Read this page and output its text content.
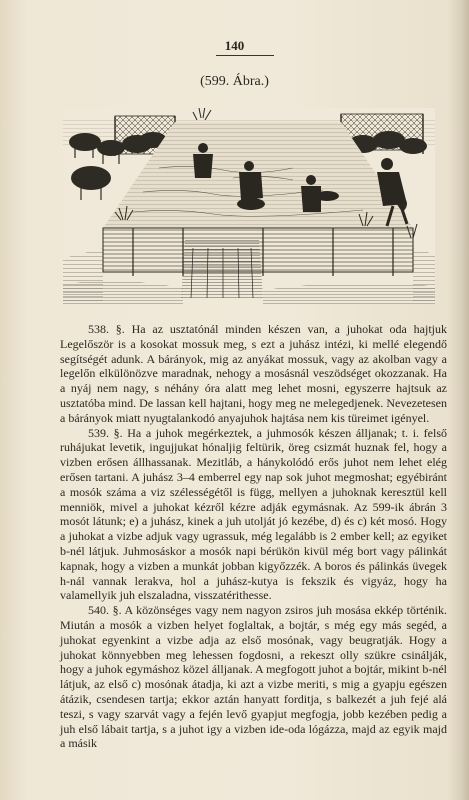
140
(599. Ábra.)

538. §. Ha az usztatónál minden készen van, a juhokat oda hajtjuk Legelőször is a kosokat mossuk meg, s ezt a juhász intézi, ki mellé elegendő segítségét adunk. A bárányok, mig az anyákat mossuk, vagy az akolban vagy a legelőn elkülönözve maradnak, nehogy a mosásnál veszödséget okozzanak. Ha a nyáj nem nagy, s néhány óra alatt meg lehet mosni, egyszerre hajtsuk az usztatóba mind. De lassan kell hajtani, hogy meg ne melegedjenek. Nevezetesen a bárányok miatt nyugtalankodó anyajuhok hajtása nem kis türeimet igényel.

539. §. Ha a juhok megérkeztek, a juhmosók készen álljanak; t. i. felső ruhájukat levetik, ingujjukat hónaljig feltürik, öreg csizmát huznak fel, hogy a vizben erősen állhassanak. Mezitláb, a hánykolódó erős juhot nem lehet elég erősen tartani. A juhász 3–4 emberrel egy nap sok juhot megmoshat; egyébiránt a mosók száma a viz szélességétől is függ, mellyen a juhoknak keresztül kell menniök, mivel a juhokat kézről kézre adják egymásnak. Az 599-ik ábrán 3 mosót látunk; e) a juhász, kinek a juh utolját jó kezébe, d) és c) két mosó. Hogy a juhokat a vizbe adjuk vagy ugrassuk, még legalább is 2 ember kell; az egyiket b-nél látjuk. Juhmosáskor a mosók napi bérükön kivül még bort vagy pálinkát kapnak, hogy a vizben a munkát jobban kigyőzzék. A boros és pálinkás üvegek h-nál vannak lerakva, hol a juhász-kutya is fekszik és vigyáz, hogy ha valamellyik juh elszaladna, visszatérithesse.

540. §. A közönséges vagy nem nagyon zsiros juh mosása ekkép történik. Miután a mosók a vizben helyet foglaltak, a bojtár, s még egy más segéd, a juhokat egyenkint a vizbe adja az első mosónak, vagy beugratják. Hogy a juhokat könnyebben meg lehessen fogdosni, a rekeszt olly szükre csinálják, hogy a juhok egymáshoz közel álljanak. A megfogott juhot a bojtár, mikint b-nél látjuk, az első c) mosónak átadja, ki azt a vizbe meriti, s mig a gyapju egészen átázik, csendesen tartja; ekkor aztán hanyatt forditja, s balkezét a juh fejé alá teszi, s vagy szarvát vagy a fején levő gyapjut megfogja, jobb kezében pedig a juh első lábait tartja, s a juhot igy a vizben ide-oda lógázza, majd az egyik majd a másik
